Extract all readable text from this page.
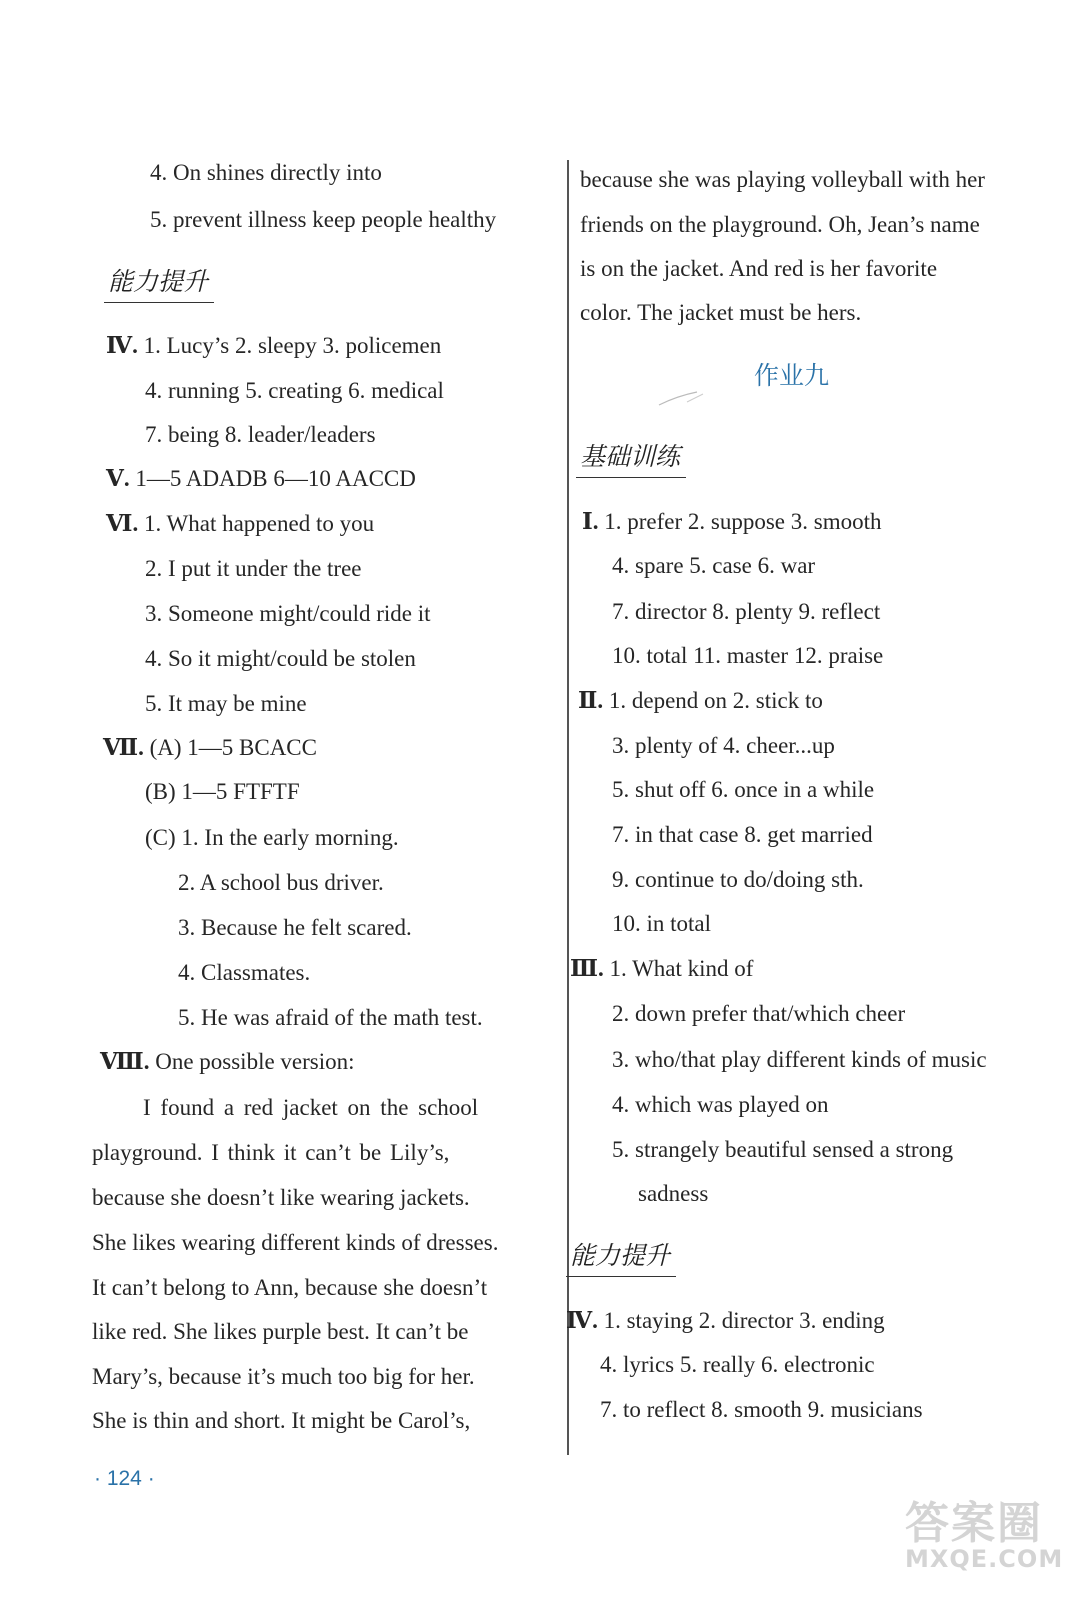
4. On shines directly into
5. prevent illness keep people healthy
能力提升
Ⅳ. 1. Lucy’s 2. sleepy 3. policemen
4. running 5. creating 6. medical
7. being 8. leader/leaders
Ⅴ. 1—5 ADADB 6—10 AACCD
Ⅵ. 1. What happened to you
2. I put it under the tree
3. Someone might/could ride it
4. So it might/could be stolen
5. It may be mine
Ⅶ. (A) 1—5 BCACC
(B) 1—5 FTFTF
(C) 1. In the early morning.
2. A school bus driver.
3. Because he felt scared.
4. Classmates.
5. He was afraid of the math test.
Ⅷ. One possible version:
I found a red jacket on the school
playground. I think it can’t be Lily’s,
because she doesn’t like wearing jackets.
She likes wearing different kinds of dresses.
It can’t belong to Ann, because she doesn’t
like red. She likes purple best. It can’t be
Mary’s, because it’s much too big for her.
She is thin and short. It might be Carol’s,
because she was playing volleyball with her
friends on the playground. Oh, Jean’s name
is on the jacket. And red is her favorite
color. The jacket must be hers.
作业九
基础训练
Ⅰ. 1. prefer 2. suppose 3. smooth
4. spare 5. case 6. war
7. director 8. plenty 9. reflect
10. total 11. master 12. praise
Ⅱ. 1. depend on 2. stick to
3. plenty of 4. cheer...up
5. shut off 6. once in a while
7. in that case 8. get married
9. continue to do/doing sth.
10. in total
Ⅲ. 1. What kind of
2. down prefer that/which cheer
3. who/that play different kinds of music
4. which was played on
5. strangely beautiful sensed a strong
sadness
能力提升
Ⅳ. 1. staying 2. director 3. ending
4. lyrics 5. really 6. electronic
7. to reflect 8. smooth 9. musicians
· 124 ·
答案圈
MXQE.COM
